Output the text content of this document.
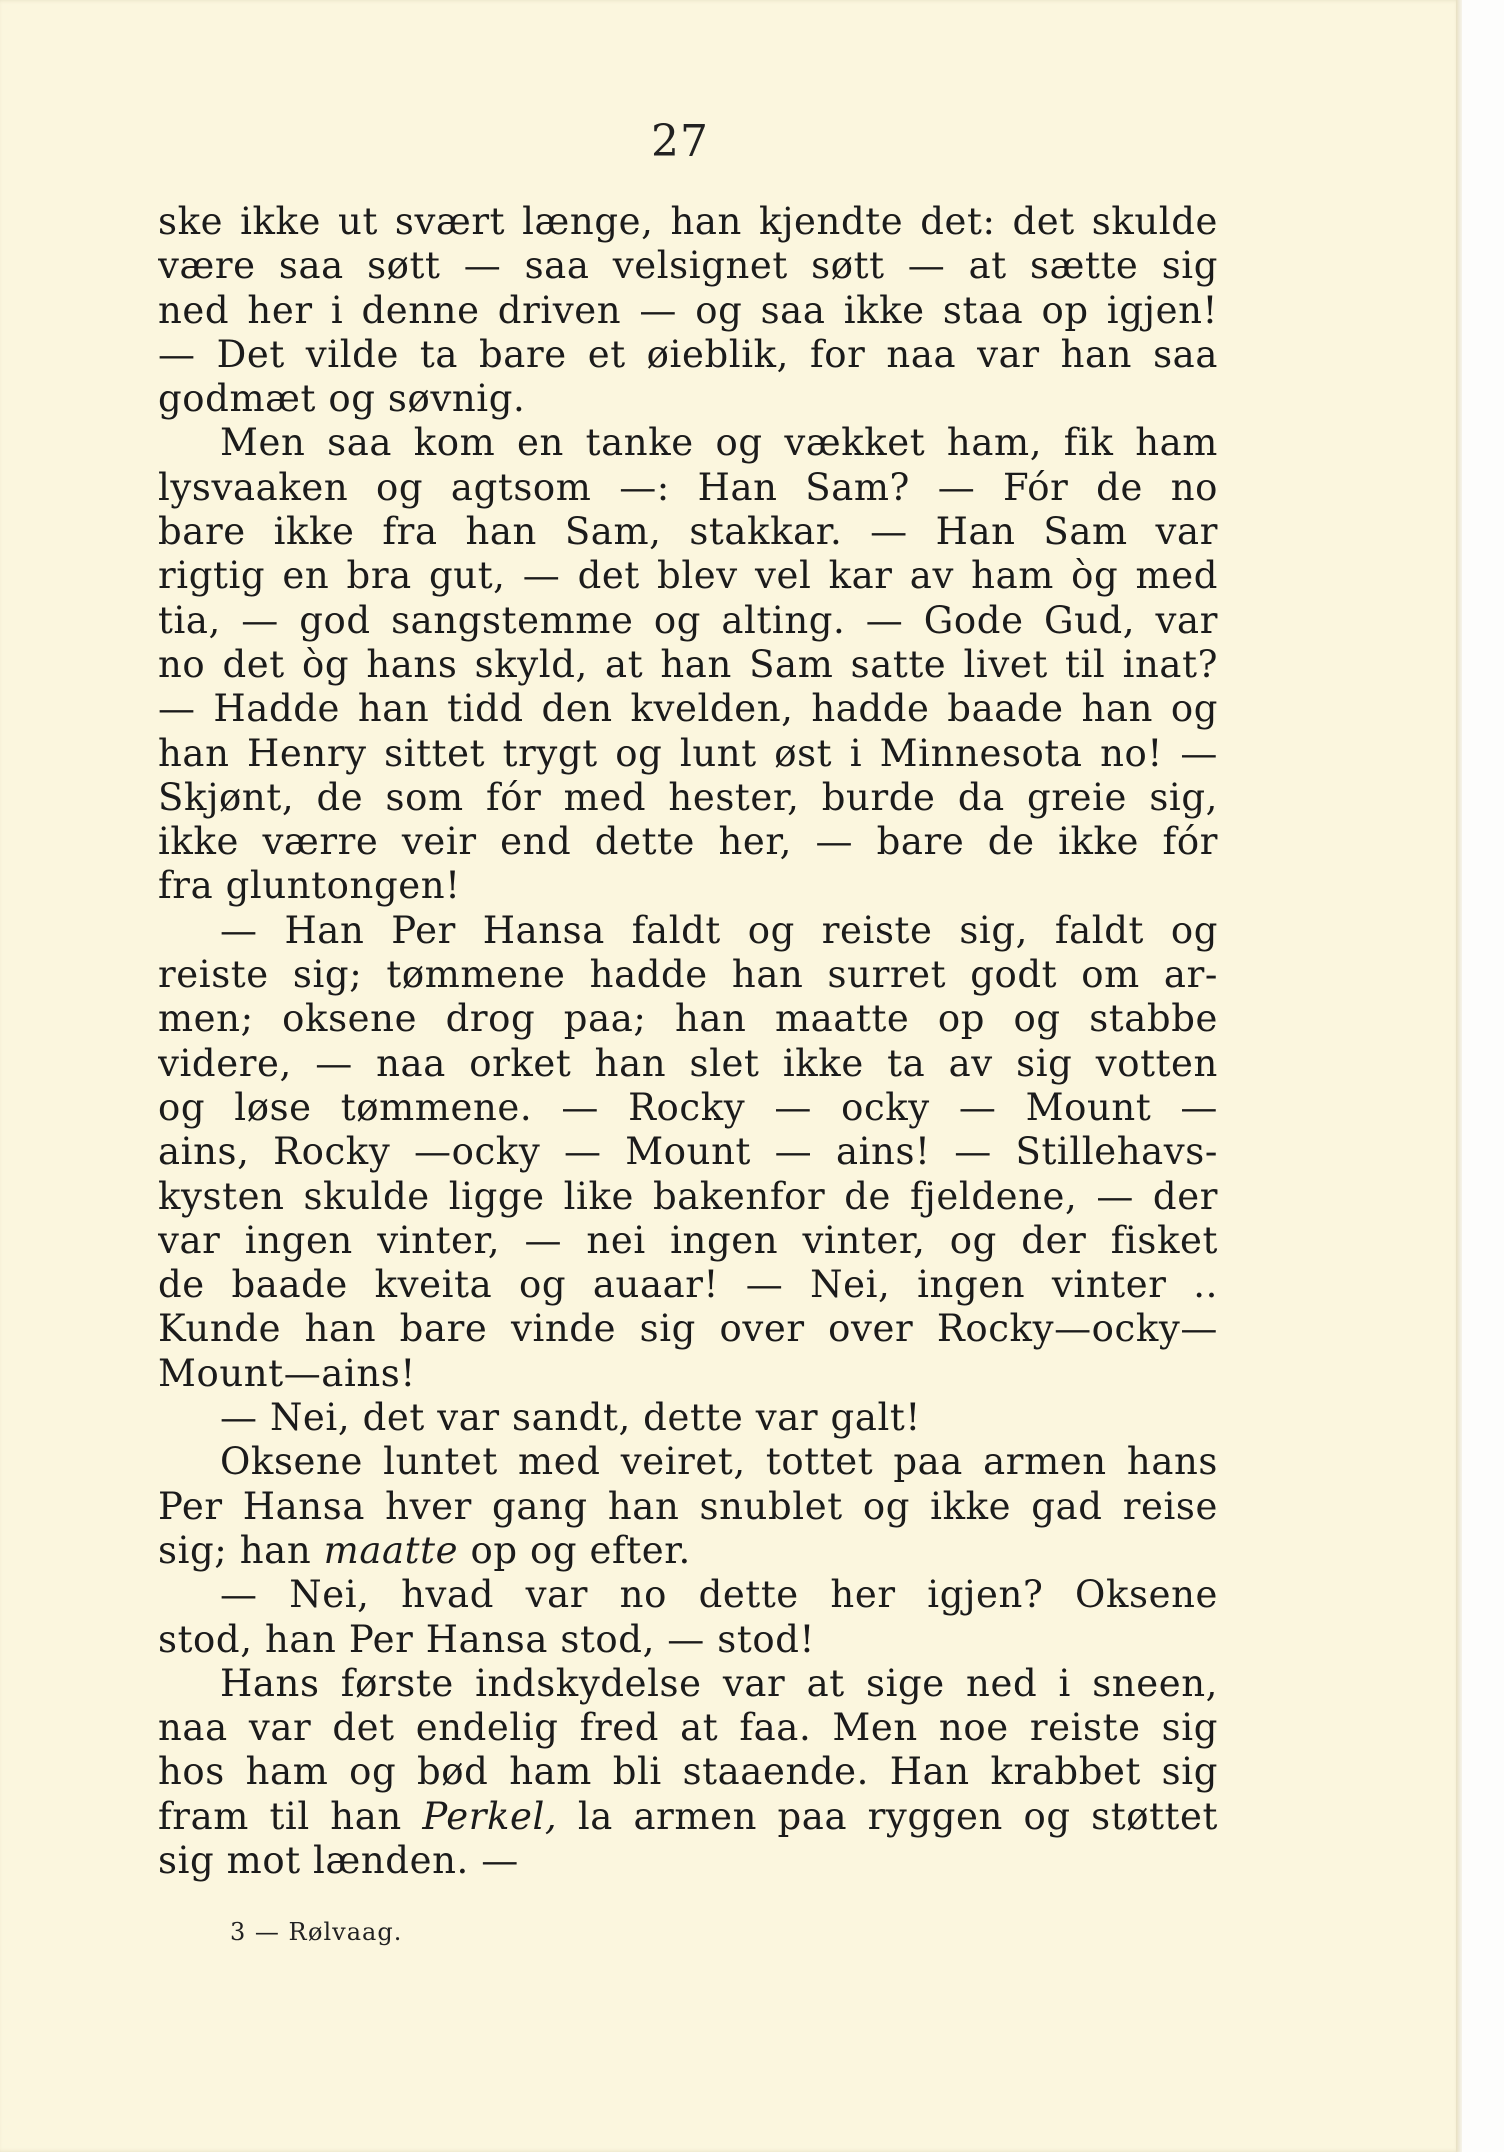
27
ske ikke ut svært længe, han kjendte det: det skulde
være saa søtt — saa velsignet søtt — at sætte sig
ned her i denne driven — og saa ikke staa op igjen!
— Det vilde ta bare et øieblik, for naa var han saa
godmæt og søvnig.
Men saa kom en tanke og vækket ham, fik ham
lysvaaken og agtsom —: Han Sam? — Fór de no
bare ikke fra han Sam, stakkar. — Han Sam var
rigtig en bra gut, — det blev vel kar av ham òg med
tia, — god sangstemme og alting. — Gode Gud, var
no det òg hans skyld, at han Sam satte livet til inat?
— Hadde han tidd den kvelden, hadde baade han og
han Henry sittet trygt og lunt øst i Minnesota no! —
Skjønt, de som fór med hester, burde da greie sig,
ikke værre veir end dette her, — bare de ikke fór
fra gluntongen!
— Han Per Hansa faldt og reiste sig, faldt og
reiste sig; tømmene hadde han surret godt om ar-
men; oksene drog paa; han maatte op og stabbe
videre, — naa orket han slet ikke ta av sig votten
og løse tømmene. — Rocky — ocky — Mount —
ains, Rocky —ocky — Mount — ains! — Stillehavs-
kysten skulde ligge like bakenfor de fjeldene, — der
var ingen vinter, — nei ingen vinter, og der fisket
de baade kveita og auaar! — Nei, ingen vinter ..
Kunde han bare vinde sig over over Rocky—ocky—
Mount—ains!
— Nei, det var sandt, dette var galt!
Oksene luntet med veiret, tottet paa armen hans
Per Hansa hver gang han snublet og ikke gad reise
sig; han maatte op og efter.
— Nei, hvad var no dette her igjen? Oksene
stod, han Per Hansa stod, — stod!
Hans første indskydelse var at sige ned i sneen,
naa var det endelig fred at faa. Men noe reiste sig
hos ham og bød ham bli staaende. Han krabbet sig
fram til han Perkel, la armen paa ryggen og støttet
sig mot lænden. —
3 — Rølvaag.
